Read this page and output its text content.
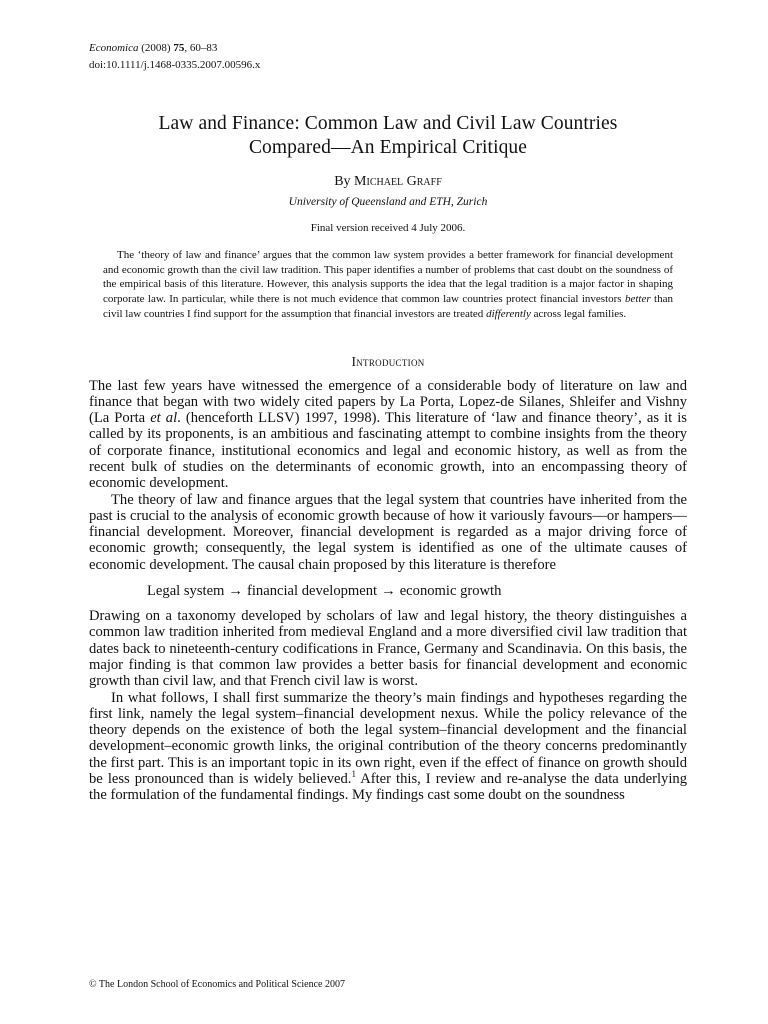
Economica (2008) 75, 60–83
doi:10.1111/j.1468-0335.2007.00596.x
Law and Finance: Common Law and Civil Law Countries
Compared—An Empirical Critique
By Michael Graff
University of Queensland and ETH, Zurich
Final version received 4 July 2006.

The ‘theory of law and finance’ argues that the common law system provides a better framework for financial development and economic growth than the civil law tradition. This paper identifies a number of problems that cast doubt on the soundness of the empirical basis of this literature. However, this analysis supports the idea that the legal tradition is a major factor in shaping corporate law. In particular, while there is not much evidence that common law countries protect financial investors better than civil law countries I find support for the assumption that financial investors are treated differently across legal families.

Introduction

The last few years have witnessed the emergence of a considerable body of literature on law and finance that began with two widely cited papers by La Porta, Lopez-de Silanes, Shleifer and Vishny (La Porta et al. (henceforth LLSV) 1997, 1998). This literature of ‘law and finance theory’, as it is called by its proponents, is an ambitious and fascinating attempt to combine insights from the theory of corporate finance, institutional economics and legal and economic history, as well as from the recent bulk of studies on the determinants of economic growth, into an encompassing theory of economic development.

The theory of law and finance argues that the legal system that countries have inherited from the past is crucial to the analysis of economic growth because of how it variously favours—or hampers—financial development. Moreover, financial development is regarded as a major driving force of economic growth; consequently, the legal system is identified as one of the ultimate causes of economic development. The causal chain proposed by this literature is therefore

Legal system → financial development → economic growth

Drawing on a taxonomy developed by scholars of law and legal history, the theory distinguishes a common law tradition inherited from medieval England and a more diversified civil law tradition that dates back to nineteenth-century codifications in France, Germany and Scandinavia. On this basis, the major finding is that common law provides a better basis for financial development and economic growth than civil law, and that French civil law is worst.

In what follows, I shall first summarize the theory’s main findings and hypotheses regarding the first link, namely the legal system–financial development nexus. While the policy relevance of the theory depends on the existence of both the legal system–financial development and the financial development–economic growth links, the original contribution of the theory concerns predominantly the first part. This is an important topic in its own right, even if the effect of finance on growth should be less pronounced than is widely believed.$^1$ After this, I review and re-analyse the data underlying the formulation of the fundamental findings. My findings cast some doubt on the soundness

© The London School of Economics and Political Science 2007
